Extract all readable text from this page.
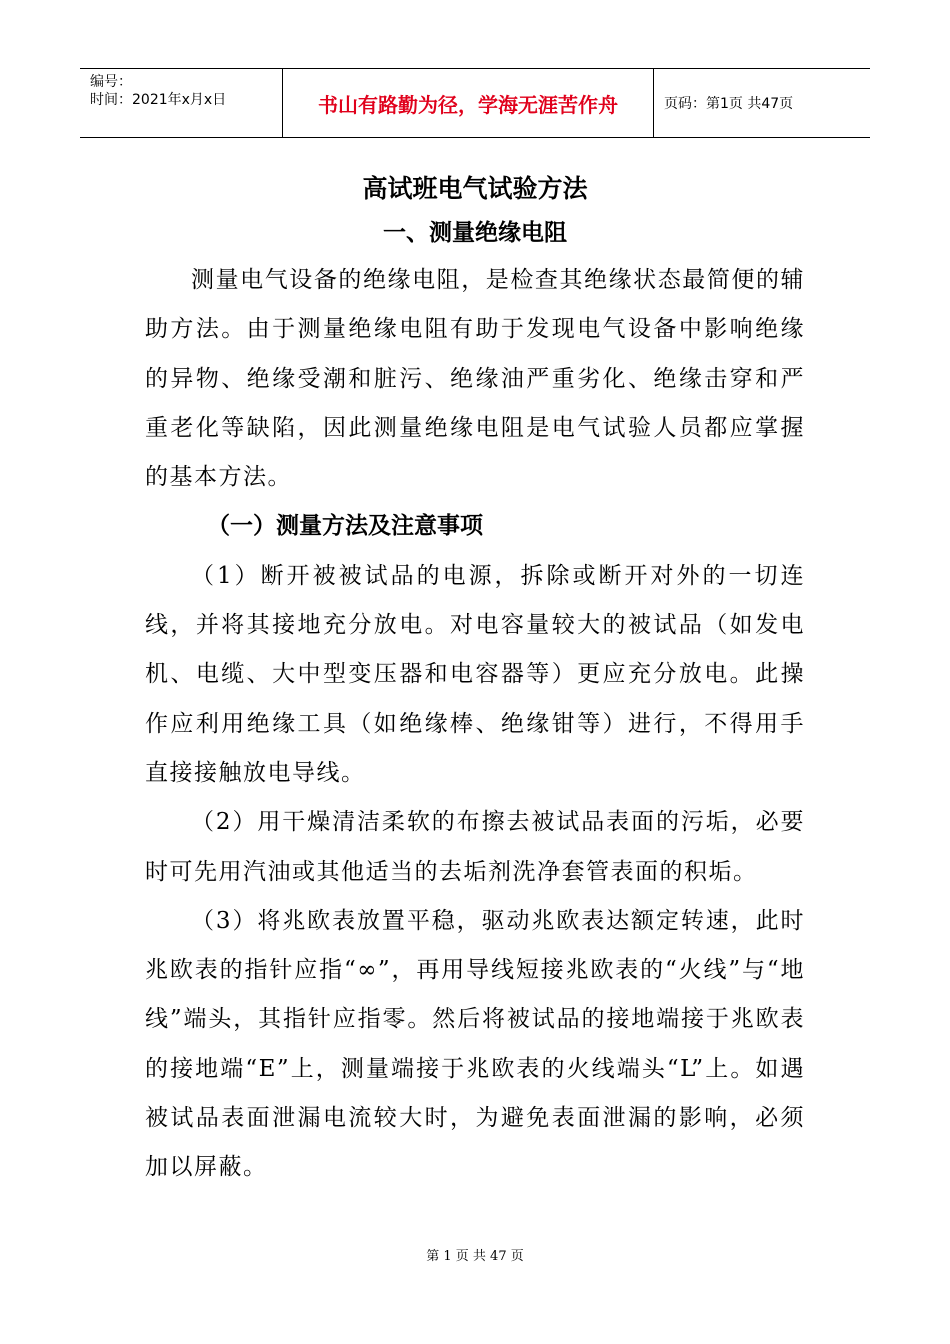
编号：
时间：2021年x月x日	书山有路勤为径，学海无涯苦作舟	页码：第1页 共47页
高试班电气试验方法
一、测量绝缘电阻

测量电气设备的绝缘电阻，是检查其绝缘状态最简便的辅助方法。由于测量绝缘电阻有助于发现电气设备中影响绝缘的异物、绝缘受潮和脏污、绝缘油严重劣化、绝缘击穿和严重老化等缺陷，因此测量绝缘电阻是电气试验人员都应掌握的基本方法。

（一）测量方法及注意事项

（1）断开被被试品的电源，拆除或断开对外的一切连线，并将其接地充分放电。对电容量较大的被试品（如发电机、电缆、大中型变压器和电容器等）更应充分放电。此操作应利用绝缘工具（如绝缘棒、绝缘钳等）进行，不得用手直接接触放电导线。

（2）用干燥清洁柔软的布擦去被试品表面的污垢，必要时可先用汽油或其他适当的去垢剂洗净套管表面的积垢。

（3）将兆欧表放置平稳，驱动兆欧表达额定转速，此时兆欧表的指针应指“∞”，再用导线短接兆欧表的“火线”与“地线”端头，其指针应指零。然后将被试品的接地端接于兆欧表的接地端“E”上，测量端接于兆欧表的火线端头“L”上。如遇被试品表面泄漏电流较大时，为避免表面泄漏的影响，必须加以屏蔽。

第 1 页 共 47 页
